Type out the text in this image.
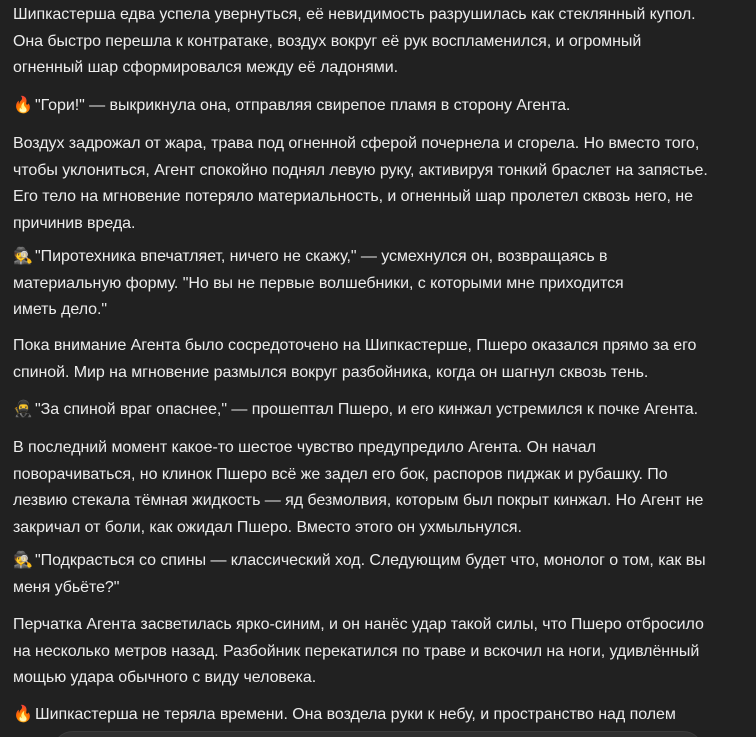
Шипкастерша едва успела увернуться, её невидимость разрушилась как стеклянный купол.
Она быстро перешла к контратаке, воздух вокруг её рук воспламенился, и огромный
огненный шар сформировался между её ладонями.

🔥 "Гори!" — выкрикнула она, отправляя свирепое пламя в сторону Агента.

Воздух задрожал от жара, трава под огненной сферой почернела и сгорела. Но вместо того,
чтобы уклониться, Агент спокойно поднял левую руку, активируя тонкий браслет на запястье.
Его тело на мгновение потеряло материальность, и огненный шар пролетел сквозь него, не
причинив вреда.

🕵 "Пиротехника впечатляет, ничего не скажу," — усмехнулся он, возвращаясь в
материальную форму. "Но вы не первые волшебники, с которыми мне приходится
иметь дело."

Пока внимание Агента было сосредоточено на Шипкастерше, Пшеро оказался прямо за его
спиной. Мир на мгновение размылся вокруг разбойника, когда он шагнул сквозь тень.

🥷 "За спиной враг опаснее," — прошептал Пшеро, и его кинжал устремился к почке Агента.

В последний момент какое-то шестое чувство предупредило Агента. Он начал
поворачиваться, но клинок Пшеро всё же задел его бок, распоров пиджак и рубашку. По
лезвию стекала тёмная жидкость — яд безмолвия, которым был покрыт кинжал. Но Агент не
закричал от боли, как ожидал Пшеро. Вместо этого он ухмыльнулся.

🕵 "Подкрасться со спины — классический ход. Следующим будет что, монолог о том, как вы
меня убьёте?"

Перчатка Агента засветилась ярко-синим, и он нанёс удар такой силы, что Пшеро отбросило
на несколько метров назад. Разбойник перекатился по траве и вскочил на ноги, удивлённый
мощью удара обычного с виду человека.

🔥 Шипкастерша не теряла времени. Она воздела руки к небу, и пространство над полем
